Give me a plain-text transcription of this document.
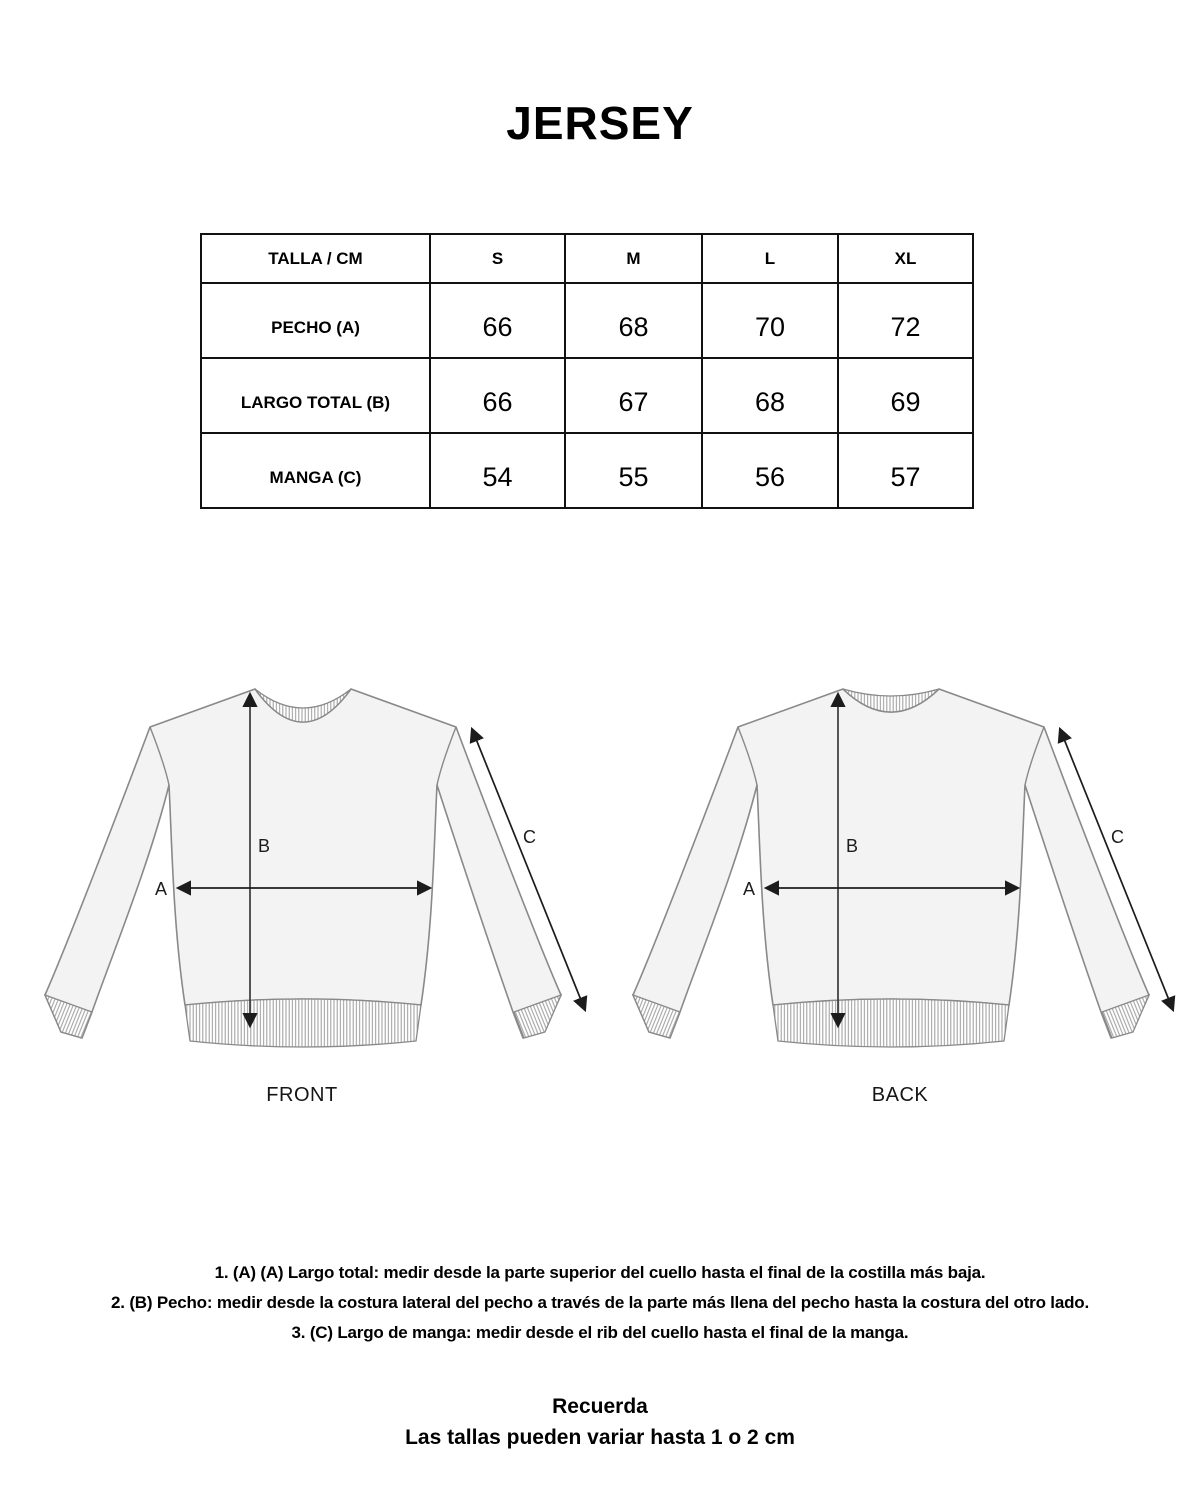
JERSEY
TALLA / CM	S	M	L	XL
PECHO (A)	66	68	70	72
LARGO TOTAL (B)	66	67	68	69
MANGA (C)	54	55	56	57
B
A
C	B
A
C
FRONT	BACK
1. (A) (A) Largo total: medir desde la parte superior del cuello hasta el final de la costilla más baja.
2. (B) Pecho: medir desde la costura lateral del pecho a través de la parte más llena del pecho hasta la costura del otro lado.
3. (C) Largo de manga: medir desde el rib del cuello hasta el final de la manga.
Recuerda
Las tallas pueden variar hasta 1 o 2 cm
